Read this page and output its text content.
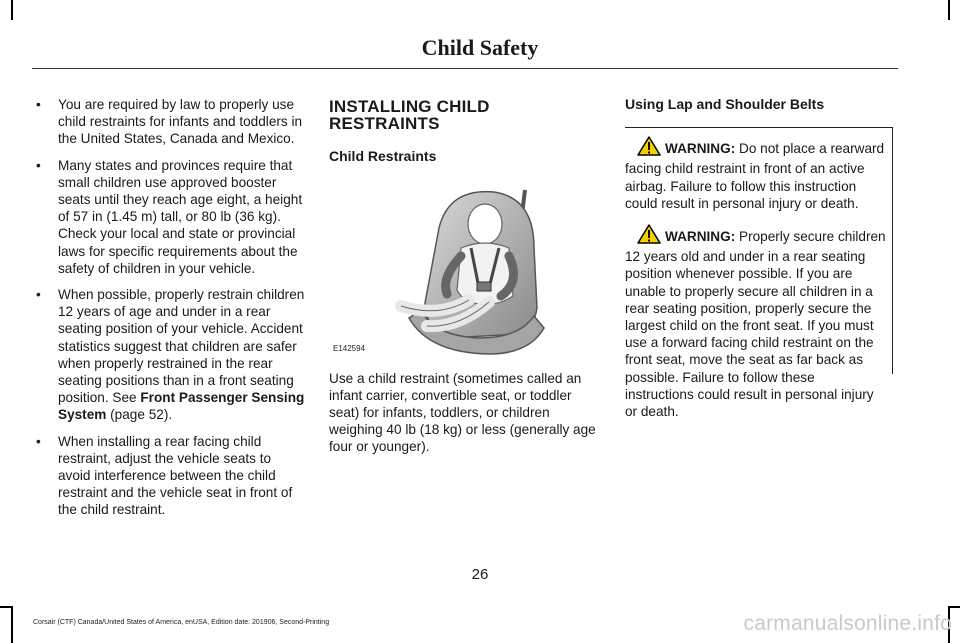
Child Safety
• You are required by law to properly use child restraints for infants and toddlers in the United States, Canada and Mexico.
• Many states and provinces require that small children use approved booster seats until they reach age eight, a height of 57 in (1.45 m) tall, or 80 lb (36 kg). Check your local and state or provincial laws for specific requirements about the safety of children in your vehicle.
• When possible, properly restrain children 12 years of age and under in a rear seating position of your vehicle. Accident statistics suggest that children are safer when properly restrained in the rear seating positions than in a front seating position. See Front Passenger Sensing System (page 52).
• When installing a rear facing child restraint, adjust the vehicle seats to avoid interference between the child restraint and the vehicle seat in front of the child restraint.
INSTALLING CHILD RESTRAINTS
Child Restraints
E142594
Use a child restraint (sometimes called an infant carrier, convertible seat, or toddler seat) for infants, toddlers, or children weighing 40 lb (18 kg) or less (generally age four or younger).
Using Lap and Shoulder Belts
WARNING: Do not place a rearward facing child restraint in front of an active airbag. Failure to follow this instruction could result in personal injury or death.
WARNING: Properly secure children 12 years old and under in a rear seating position whenever possible. If you are unable to properly secure all children in a rear seating position, properly secure the largest child on the front seat. If you must use a forward facing child restraint on the front seat, move the seat as far back as possible. Failure to follow these instructions could result in personal injury or death.
26
Corsair (CTF) Canada/United States of America, enUSA, Edition date: 201906, Second-Printing	carmanualsonline.info
